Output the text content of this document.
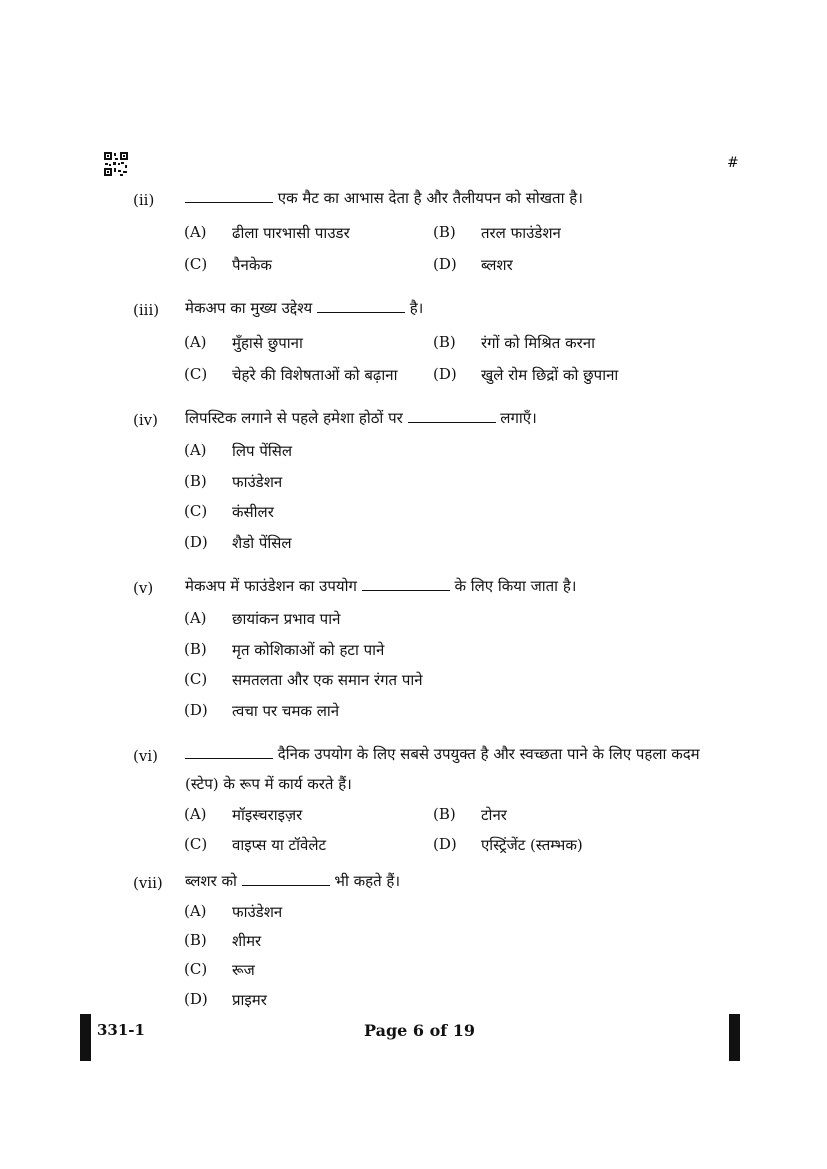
#
(ii)	एक मैट का आभास देता है और तैलीयपन को सोखता है।
(A) ढीला पारभासी पाउडर	(B) तरल फाउंडेशन
(C) पैनकेक	(D) ब्लशर
(iii) मेकअप का मुख्य उद्देश्य	है।
(A) मुँहासे छुपाना	(B) रंगों को मिश्रित करना
(C) चेहरे की विशेषताओं को बढ़ाना (D) खुले रोम छिद्रों को छुपाना
(iv) लिपस्टिक लगाने से पहले हमेशा होठों पर	लगाएँ।
(A) लिप पेंसिल
(B) फाउंडेशन
(C) कंसीलर
(D) शैडो पेंसिल
(v) मेकअप में फाउंडेशन का उपयोग	के लिए किया जाता है।
(A) छायांकन प्रभाव पाने
(B) मृत कोशिकाओं को हटा पाने
(C) समतलता और एक समान रंगत पाने
(D) त्वचा पर चमक लाने
(vi)	दैनिक उपयोग के लिए सबसे उपयुक्त है और स्वच्छता पाने के लिए पहला कदम (स्टेप) के रूप में कार्य करते हैं।
(A) मॉइस्चराइज़र	(B) टोनर
(C) वाइप्स या टॉवेलेट	(D) एस्ट्रिंजेंट (स्तम्भक)
(vii) ब्लशर को	भी कहते हैं।
(A) फाउंडेशन
(B) शीमर
(C) रूज
(D) प्राइमर
331-1	Page 6 of 19
